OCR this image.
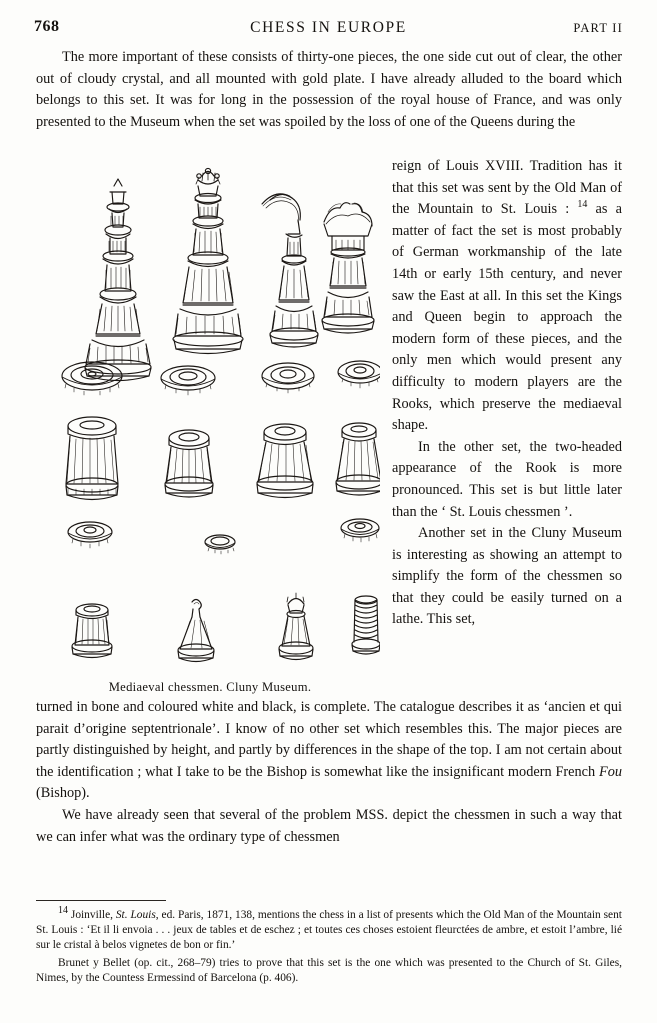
768	CHESS IN EUROPE	PART II

The more important of these consists of thirty-one pieces, the one side cut out of clear, the other out of cloudy crystal, and all mounted with gold plate. I have already alluded to the board which belongs to this set. It was for long in the possession of the royal house of France, and was only presented to the Museum when the set was spoiled by the loss of one of the Queens during the

reign of Louis XVIII. Tradition has it that this set was sent by the Old Man of the Mountain to St. Louis : $^{14}$ as a matter of fact the set is most probably of German workmanship of the late 14th or early 15th century, and never saw the East at all. In this set the Kings and Queen begin to approach the modern form of these pieces, and the only men which would present any difficulty to modern players are the Rooks, which preserve the mediaeval shape.

In the other set, the two-headed appearance of the Rook is more pronounced. This set is but little later than the ‘ St. Louis chessmen ’.

Another set in the Cluny Museum is interesting as showing an attempt to simplify the form of the chessmen so that they could be easily turned on a lathe. This set,

Mediaeval chessmen. Cluny Museum.

turned in bone and coloured white and black, is complete. The catalogue describes it as ‘ancien et qui parait d’origine septentrionale’. I know of no other set which resembles this. The major pieces are partly distinguished by height, and partly by differences in the shape of the top. I am not certain about the identification ; what I take to be the Bishop is somewhat like the insignificant modern French Fou (Bishop).

We have already seen that several of the problem MSS. depict the chessmen in such a way that we can infer what was the ordinary type of chessmen

$^{14}$ Joinville, St. Louis, ed. Paris, 1871, 138, mentions the chess in a list of presents which the Old Man of the Mountain sent St. Louis : ‘Et il li envoia . . . jeux de tables et de eschez ; et toutes ces choses estoient fleurctées de ambre, et estoit l’ambre, lié sur le cristal à belos vignetes de bon or fin.’

Brunet y Bellet (op. cit., 268–79) tries to prove that this set is the one which was presented to the Church of St. Giles, Nimes, by the Countess Ermessind of Barcelona (p. 406).
